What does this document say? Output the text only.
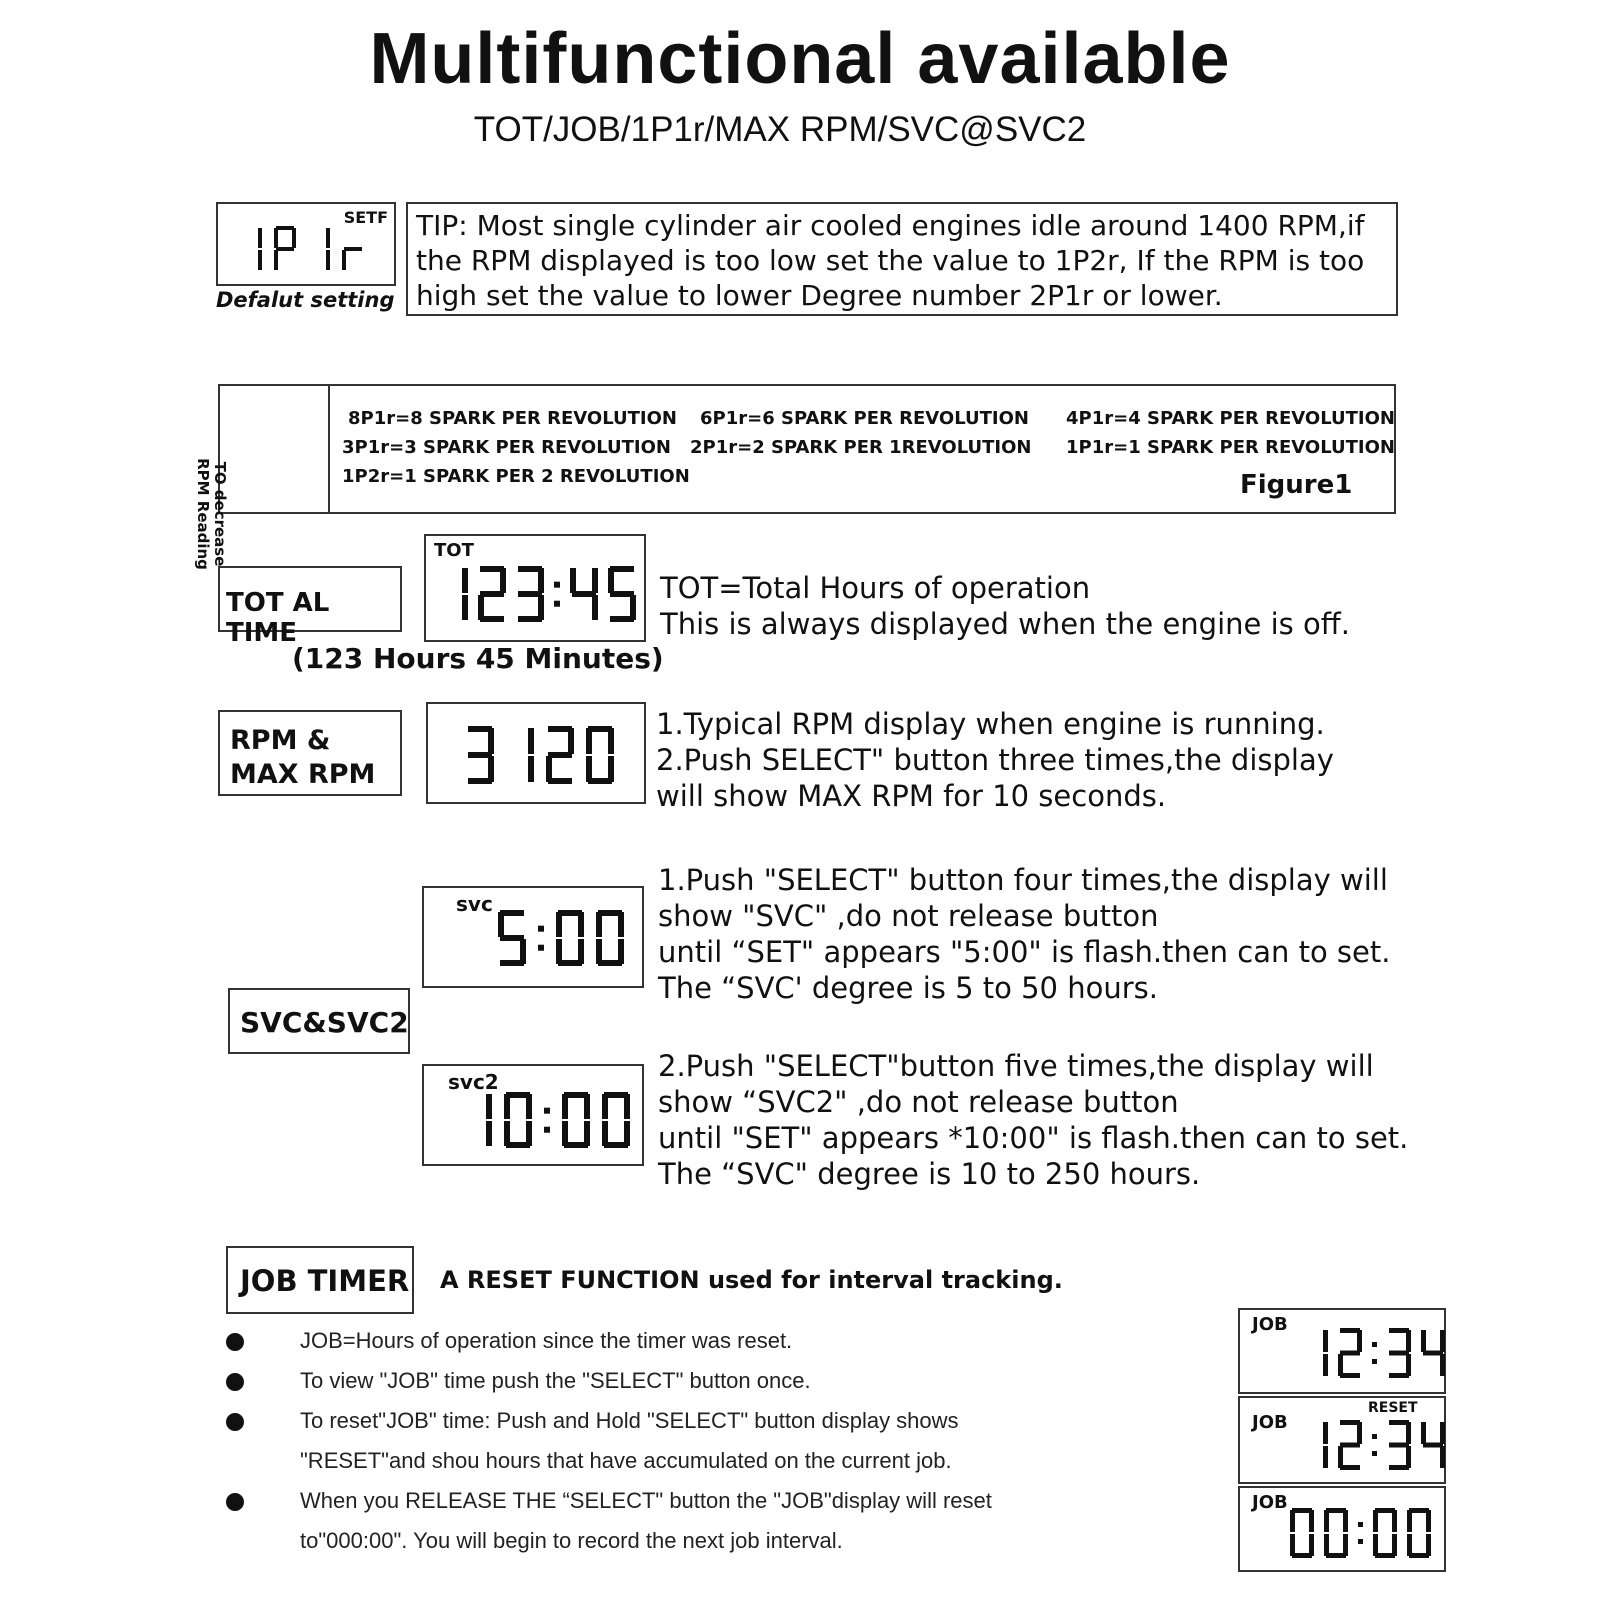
Multifunctional available
TOT/JOB/1P1r/MAX RPM/SVC@SVC2
SETF
Defalut setting
TIP: Most single cylinder air cooled engines idle around 1400 RPM,if
the RPM displayed is too low set the value to 1P2r, If the RPM is too
high set the value to lower Degree number 2P1r or lower.
TO decrease
RPM Reading
8P1r=8 SPARK PER REVOLUTION 6P1r=6 SPARK PER REVOLUTION 4P1r=4 SPARK PER REVOLUTION
3P1r=3 SPARK PER REVOLUTION 2P1r=2 SPARK PER 1REVOLUTION 1P1r=1 SPARK PER REVOLUTION
1P2r=1 SPARK PER 2 REVOLUTION	Figure1
TOT AL TIME
TOT
(123 Hours 45 Minutes)
TOT=Total Hours of operation
This is always displayed when the engine is off.
RPM &
MAX RPM
1.Typical RPM display when engine is running.
2.Push SELECT" button three times,the display
will show MAX RPM for 10 seconds.
SVC&SVC2
svc
1.Push "SELECT" button four times,the display will
show "SVC" ,do not release button
until “SET" appears "5:00" is flash.then can to set.
The “SVC' degree is 5 to 50 hours.
svc2	2.Push "SELECT"button five times,the display will
show “SVC2" ,do not release button
until "SET" appears *10:00" is flash.then can to set.
The “SVC" degree is 10 to 250 hours.
JOB TIMER A RESET FUNCTION used for interval tracking.
JOB=Hours of operation since the timer was reset.
To view "JOB" time push the "SELECT" button once.
To reset"JOB" time: Push and Hold "SELECT" button display shows
"RESET"and shou hours that have accumulated on the current job.
When you RELEASE THE “SELECT" button the "JOB"display will reset
to"000:00". You will begin to record the next job interval.
JOB
JOB
RESET
JOB
